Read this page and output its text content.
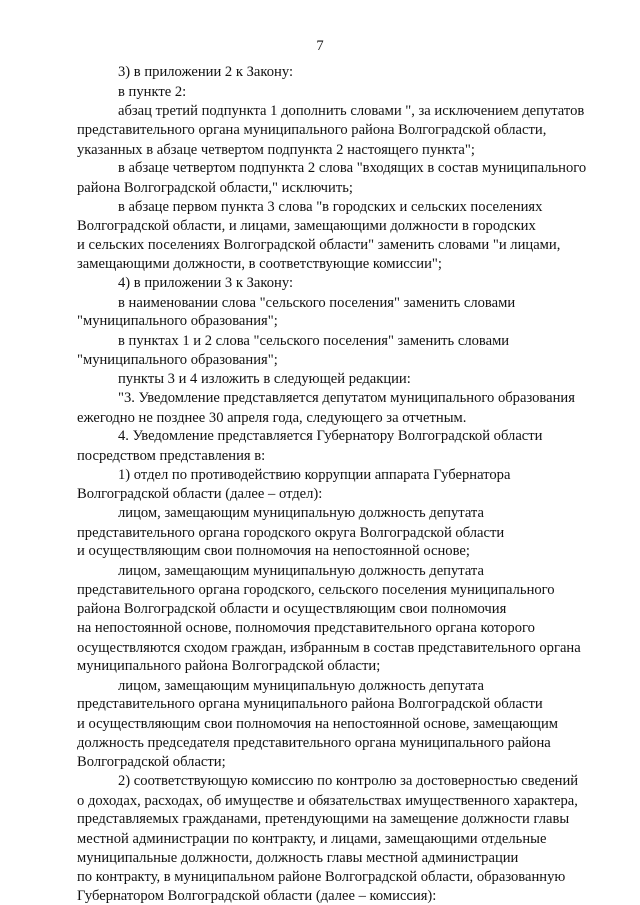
7
3) в приложении 2 к Закону:
в пункте 2:
абзац третий подпункта 1 дополнить словами ", за исключением депутатов
представительного органа муниципального района Волгоградской области,
указанных в абзаце четвертом подпункта 2 настоящего пункта";
в абзаце четвертом подпункта 2 слова "входящих в состав муниципального
района Волгоградской области," исключить;
в абзаце первом пункта 3 слова "в городских и сельских поселениях
Волгоградской области, и лицами, замещающими должности в городских
и сельских поселениях Волгоградской области" заменить словами "и лицами,
замещающими должности, в соответствующие комиссии";
4) в приложении 3 к Закону:
в наименовании слова "сельского поселения" заменить словами
"муниципального образования";
в пунктах 1 и 2 слова "сельского поселения" заменить словами
"муниципального образования";
пункты 3 и 4 изложить в следующей редакции:
"3. Уведомление представляется депутатом муниципального образования
ежегодно не позднее 30 апреля года, следующего за отчетным.
4. Уведомление представляется Губернатору Волгоградской области
посредством представления в:
1) отдел по противодействию коррупции аппарата Губернатора
Волгоградской области (далее – отдел):
лицом, замещающим муниципальную должность депутата
представительного органа городского округа Волгоградской области
и осуществляющим свои полномочия на непостоянной основе;
лицом, замещающим муниципальную должность депутата
представительного органа городского, сельского поселения муниципального
района Волгоградской области и осуществляющим свои полномочия
на непостоянной основе, полномочия представительного органа которого
осуществляются сходом граждан, избранным в состав представительного органа
муниципального района Волгоградской области;
лицом, замещающим муниципальную должность депутата
представительного органа муниципального района Волгоградской области
и осуществляющим свои полномочия на непостоянной основе, замещающим
должность председателя представительного органа муниципального района
Волгоградской области;
2) соответствующую комиссию по контролю за достоверностью сведений
о доходах, расходах, об имуществе и обязательствах имущественного характера,
представляемых гражданами, претендующими на замещение должности главы
местной администрации по контракту, и лицами, замещающими отдельные
муниципальные должности, должность главы местной администрации
по контракту, в муниципальном районе Волгоградской области, образованную
Губернатором Волгоградской области (далее – комиссия):
